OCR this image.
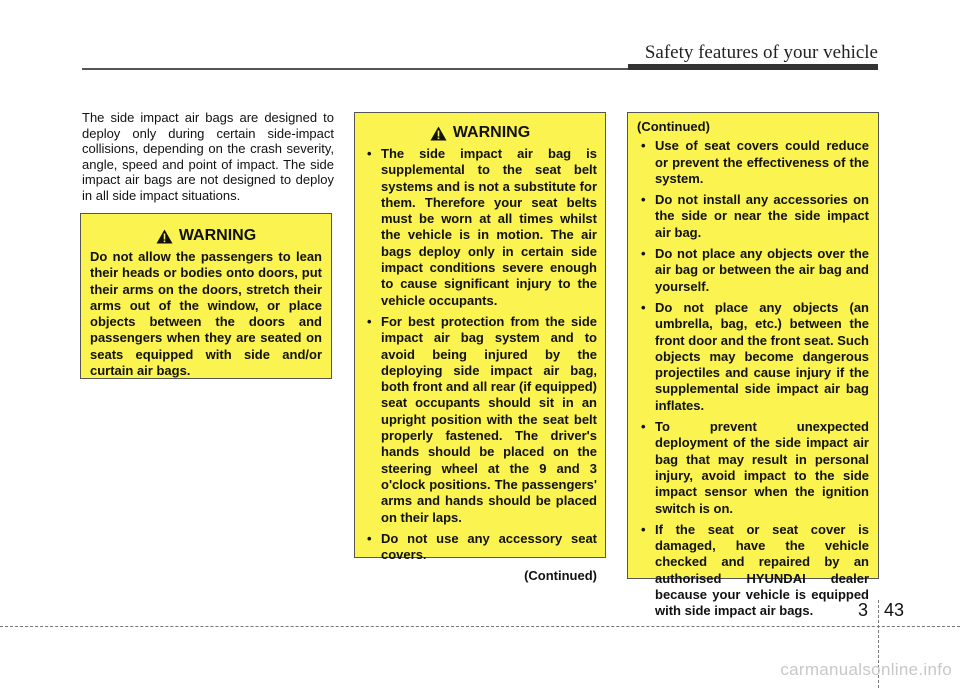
Safety features of your vehicle

The side impact air bags are designed to deploy only during certain side-impact collisions, depending on the crash severity, angle, speed and point of impact. The side impact air bags are not designed to deploy in all side impact situations.

WARNING

Do not allow the passengers to lean their heads or bodies onto doors, put their arms on the doors, stretch their arms out of the window, or place objects between the doors and passengers when they are seated on seats equipped with side and/or curtain air bags.

WARNING
• The side impact air bag is supplemental to the seat belt systems and is not a substitute for them. Therefore your seat belts must be worn at all times whilst the vehicle is in motion. The air bags deploy only in certain side impact conditions severe enough to cause significant injury to the vehicle occupants.
• For best protection from the side impact air bag system and to avoid being injured by the deploying side impact air bag, both front and all rear (if equipped) seat occupants should sit in an upright position with the seat belt properly fastened. The driver's hands should be placed on the steering wheel at the 9 and 3 o'clock positions. The passengers' arms and hands should be placed on their laps.
• Do not use any accessory seat covers.
(Continued)
(Continued)
• Use of seat covers could reduce or prevent the effectiveness of the system.
• Do not install any accessories on the side or near the side impact air bag.
• Do not place any objects over the air bag or between the air bag and yourself.
• Do not place any objects (an umbrella, bag, etc.) between the front door and the front seat. Such objects may become dangerous projectiles and cause injury if the supplemental side impact air bag inflates.
• To prevent unexpected deployment of the side impact air bag that may result in personal injury, avoid impact to the side impact sensor when the ignition switch is on.
• If the seat or seat cover is damaged, have the vehicle checked and repaired by an authorised HYUNDAI dealer because your vehicle is equipped with side impact air bags.	3 43
carmanualsonline.info
